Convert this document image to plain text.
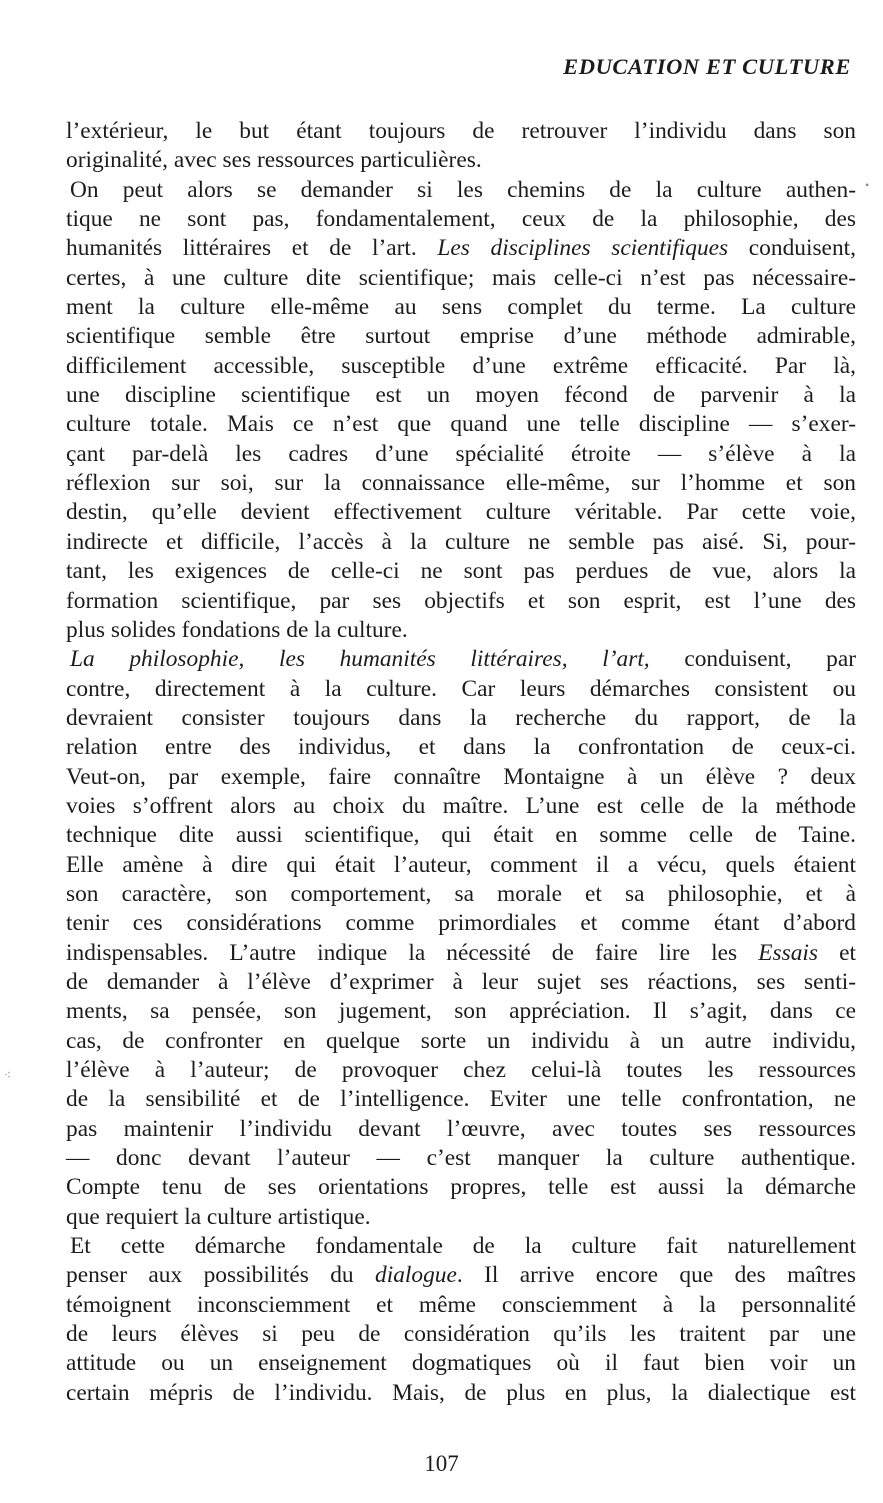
EDUCATION ET CULTURE
•
⁖
l’extérieur, le but étant toujours de retrouver l’individu dans son
originalité, avec ses ressources particulières.
On peut alors se demander si les chemins de la culture authen-
tique ne sont pas, fondamentalement, ceux de la philosophie, des
humanités littéraires et de l’art. Les disciplines scientifiques conduisent,
certes, à une culture dite scientifique; mais celle-ci n’est pas nécessaire-
ment la culture elle-même au sens complet du terme. La culture
scientifique semble être surtout emprise d’une méthode admirable,
difficilement accessible, susceptible d’une extrême efficacité. Par là,
une discipline scientifique est un moyen fécond de parvenir à la
culture totale. Mais ce n’est que quand une telle discipline — s’exer-
çant par-delà les cadres d’une spécialité étroite — s’élève à la
réflexion sur soi, sur la connaissance elle-même, sur l’homme et son
destin, qu’elle devient effectivement culture véritable. Par cette voie,
indirecte et difficile, l’accès à la culture ne semble pas aisé. Si, pour-
tant, les exigences de celle-ci ne sont pas perdues de vue, alors la
formation scientifique, par ses objectifs et son esprit, est l’une des
plus solides fondations de la culture.
La philosophie, les humanités littéraires, l’art, conduisent, par
contre, directement à la culture. Car leurs démarches consistent ou
devraient consister toujours dans la recherche du rapport, de la
relation entre des individus, et dans la confrontation de ceux-ci.
Veut-on, par exemple, faire connaître Montaigne à un élève ? deux
voies s’offrent alors au choix du maître. L’une est celle de la méthode
technique dite aussi scientifique, qui était en somme celle de Taine.
Elle amène à dire qui était l’auteur, comment il a vécu, quels étaient
son caractère, son comportement, sa morale et sa philosophie, et à
tenir ces considérations comme primordiales et comme étant d’abord
indispensables. L’autre indique la nécessité de faire lire les Essais et
de demander à l’élève d’exprimer à leur sujet ses réactions, ses senti-
ments, sa pensée, son jugement, son appréciation. Il s’agit, dans ce
cas, de confronter en quelque sorte un individu à un autre individu,
l’élève à l’auteur; de provoquer chez celui-là toutes les ressources
de la sensibilité et de l’intelligence. Eviter une telle confrontation, ne
pas maintenir l’individu devant l’œuvre, avec toutes ses ressources
— donc devant l’auteur — c’est manquer la culture authentique.
Compte tenu de ses orientations propres, telle est aussi la démarche
que requiert la culture artistique.
Et cette démarche fondamentale de la culture fait naturellement
penser aux possibilités du dialogue. Il arrive encore que des maîtres
témoignent inconsciemment et même consciemment à la personnalité
de leurs élèves si peu de considération qu’ils les traitent par une
attitude ou un enseignement dogmatiques où il faut bien voir un
certain mépris de l’individu. Mais, de plus en plus, la dialectique est
107
